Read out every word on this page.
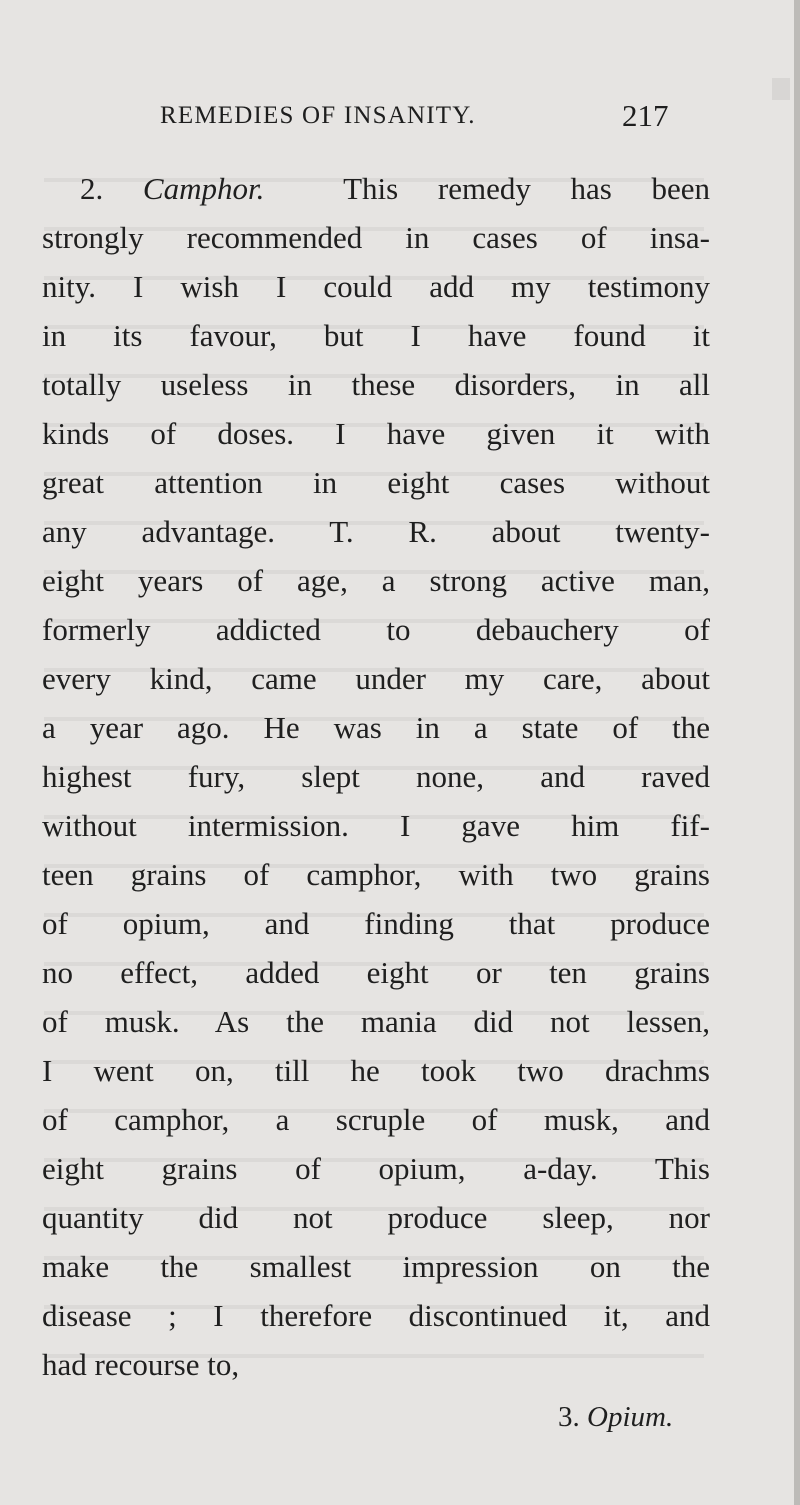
REMEDIES OF INSANITY.	217
2. Camphor.	This remedy has been
strongly recommended in cases of insa-
nity. I wish I could add my testimony
in its favour, but I have found it
totally useless in these disorders, in all
kinds of doses. I have given it with
great attention in eight cases without
any advantage. T. R. about twenty-
eight years of age, a strong active man,
formerly addicted to debauchery of
every kind, came under my care, about
a year ago. He was in a state of the
highest fury, slept none, and raved
without intermission. I gave him fif-
teen grains of camphor, with two grains
of opium, and finding that produce
no effect, added eight or ten grains
of musk. As the mania did not lessen,
I went on, till he took two drachms
of camphor, a scruple of musk, and
eight grains of opium, a-day. This
quantity did not produce sleep, nor
make the smallest impression on the
disease ; I therefore discontinued it, and
had recourse to,
3. Opium.
